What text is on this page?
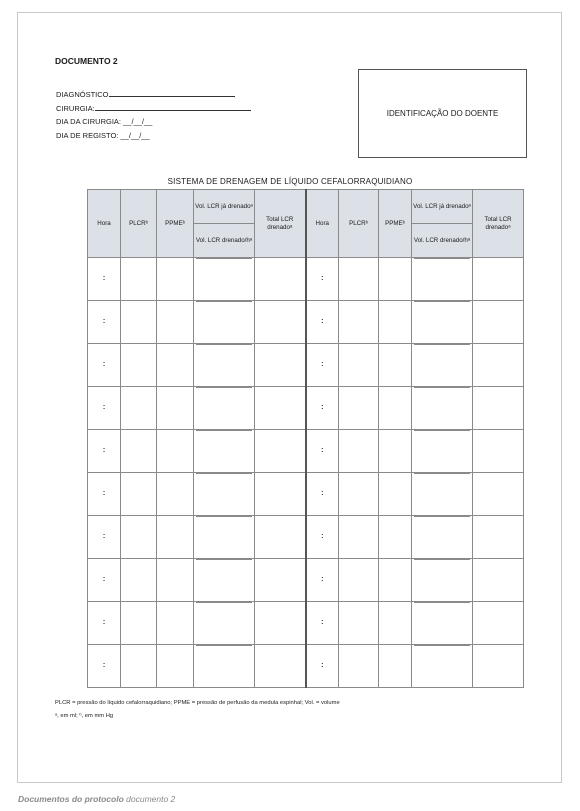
DOCUMENTO 2
DIAGNÓSTICO
CIRURGIA:
DIA DA CIRURGIA: __/__/__
DIA DE REGISTO: __/__/__
IDENTIFICAÇÃO DO DOENTE
SISTEMA DE DRENAGEM DE LÍQUIDO CEFALORRAQUIDIANO
Hora	PLCRᵇ	PPMEᵇ	Vol. LCR já drenadoᵃ	Total LCR drenadoᵃ	Hora	PLCRᵇ	PPMEᵇ	Vol. LCR já drenadoᵃ	Total LCR drenadoᵃ
			Vol. LCR drenado/hᵃ					Vol. LCR drenado/hᵃ	
:					:			

:					:			

:					:			

:					:			

:					:			

:					:			

:					:			

:					:			

:					:			

:					:			

PLCR = pressão do líquido cefalorraquidiano; PPME = pressão de perfusão da medula espinhal; Vol. = volume
ᵃ, em ml; ᵇ, em mm Hg
Documentos do protocolo documento 2
